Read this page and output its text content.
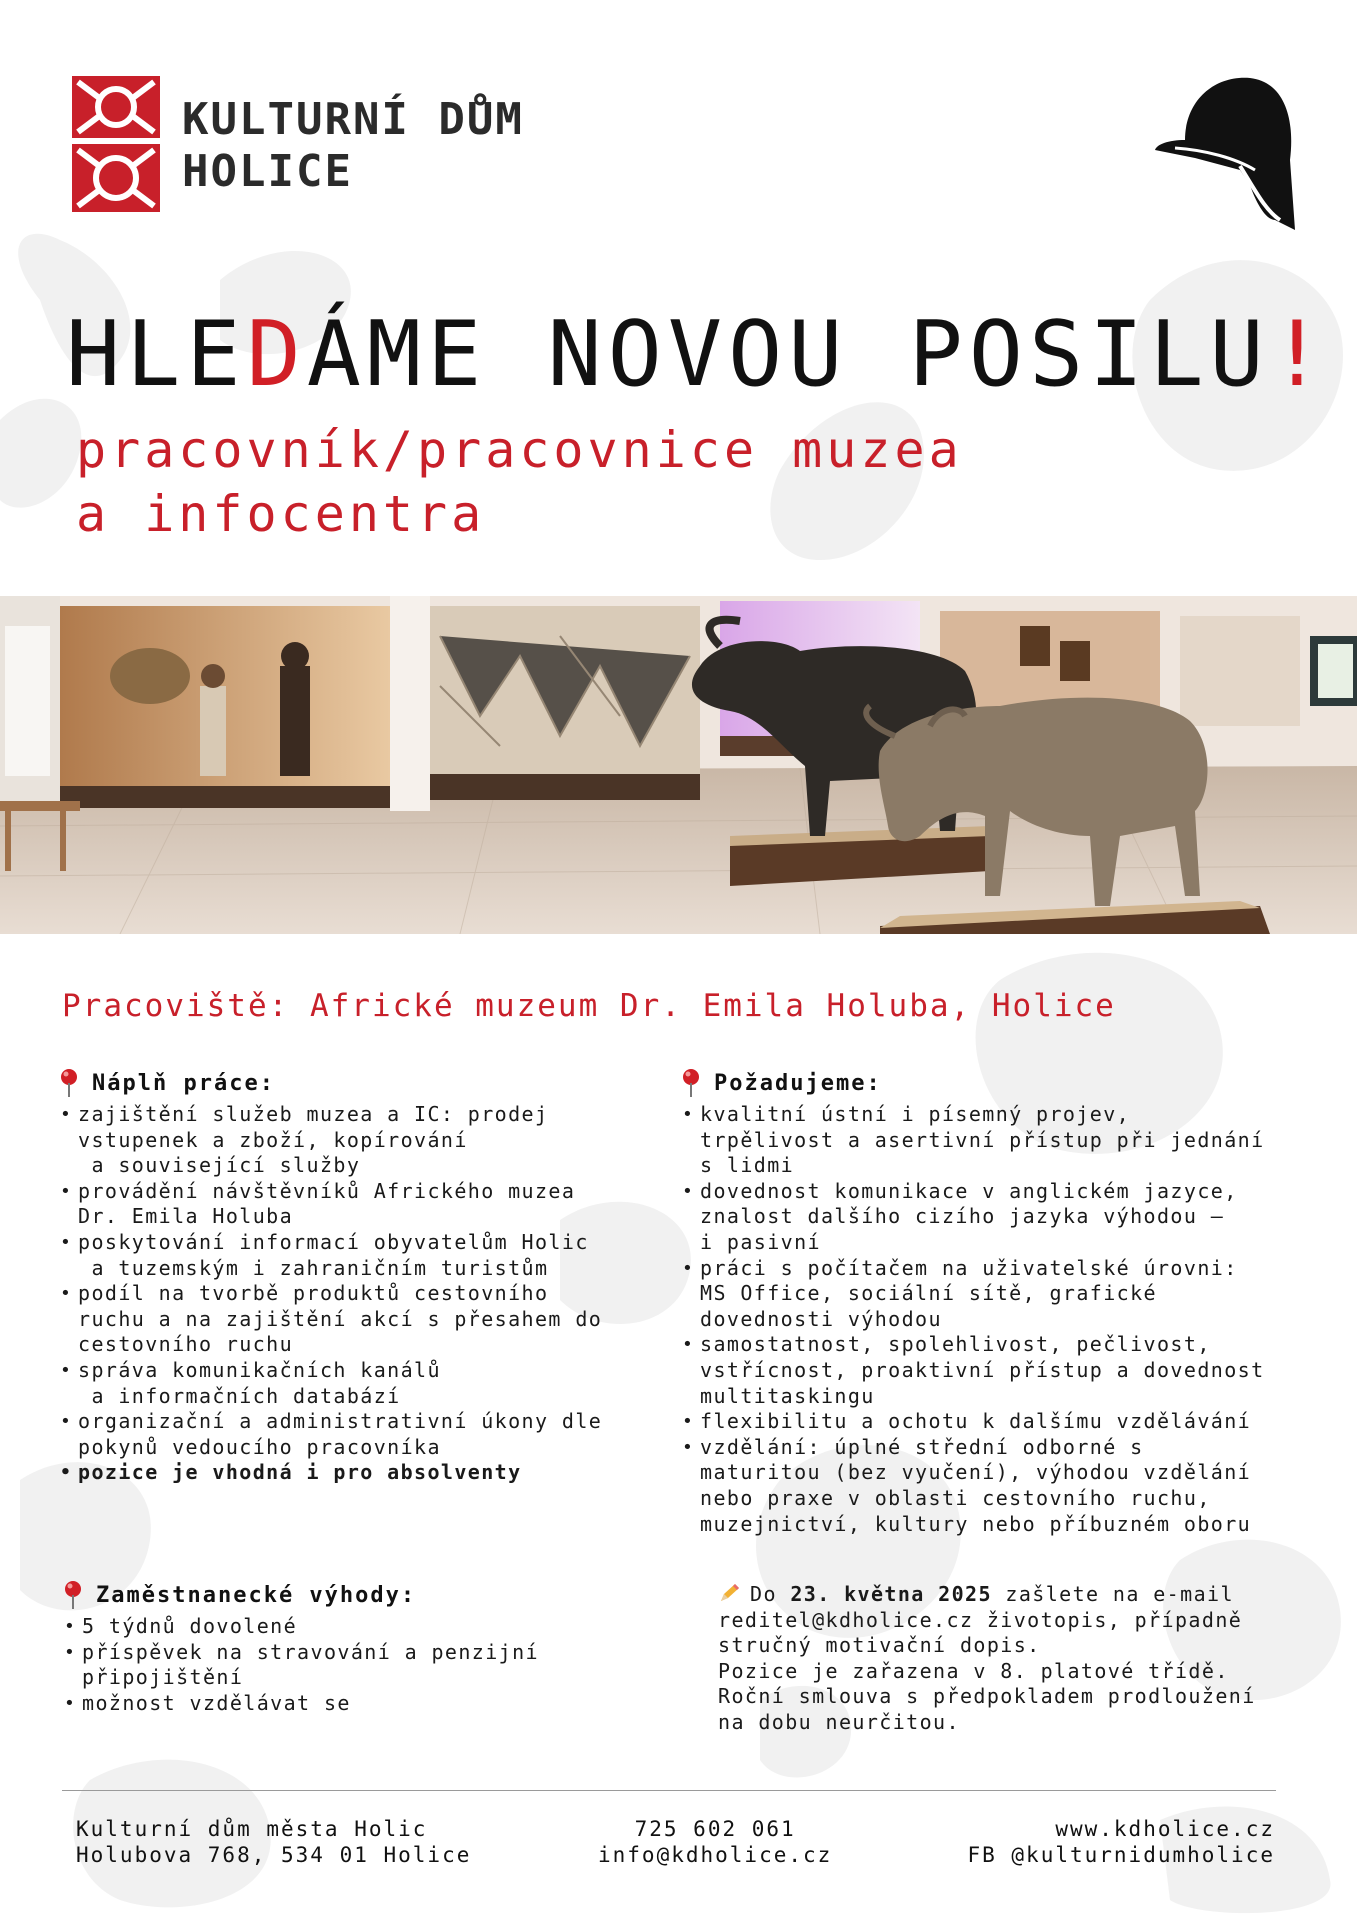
KULTURNÍ DŮM
HOLICE
HLEDÁME NOVOU POSILU!
pracovník/pracovnice muzea
a infocentra
Pracoviště: Africké muzeum Dr. Emila Holuba, Holice
Náplň práce:
• zajištění služeb muzea a IC: prodej
vstupenek a zboží, kopírování
a související služby
• provádění návštěvníků Afrického muzea
Dr. Emila Holuba
• poskytování informací obyvatelům Holic
a tuzemským i zahraničním turistům
• podíl na tvorbě produktů cestovního
ruchu a na zajištění akcí s přesahem do
cestovního ruchu
• správa komunikačních kanálů
a informačních databází
• organizační a administrativní úkony dle
pokynů vedoucího pracovníka
• pozice je vhodná i pro absolventy
Požadujeme:
• kvalitní ústní i písemný projev,
trpělivost a asertivní přístup při jednání
s lidmi
• dovednost komunikace v anglickém jazyce,
znalost dalšího cizího jazyka výhodou –
i pasivní
• práci s počítačem na uživatelské úrovni:
MS Office, sociální sítě, grafické
dovednosti výhodou
• samostatnost, spolehlivost, pečlivost,
vstřícnost, proaktivní přístup a dovednost
multitaskingu
• flexibilitu a ochotu k dalšímu vzdělávání
• vzdělání: úplné střední odborné s
maturitou (bez vyučení), výhodou vzdělání
nebo praxe v oblasti cestovního ruchu,
muzejnictví, kultury nebo příbuzném oboru
Zaměstnanecké výhody:
• 5 týdnů dovolené
• příspěvek na stravování a penzijní
připojištění
• možnost vzdělávat se
Do 23. května 2025 zašlete na e-mail
reditel@kdholice.cz životopis, případně
stručný motivační dopis.
Pozice je zařazena v 8. platové třídě.
Roční smlouva s předpokladem prodloužení
na dobu neurčitou.
Kulturní dům města Holic
Holubova 768, 534 01 Holice
725 602 061
info@kdholice.cz
www.kdholice.cz
FB @kulturnidumholice
